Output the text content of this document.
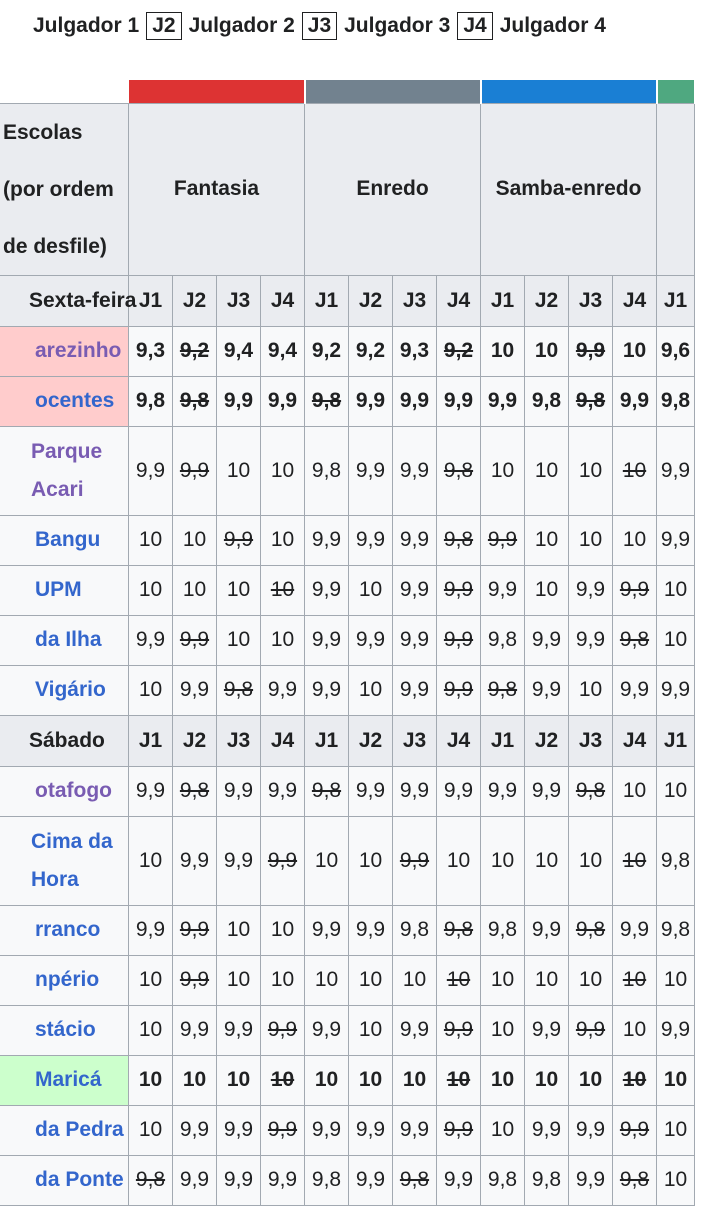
Julgador 1 J2 Julgador 2 J3 Julgador 3 J4 Julgador 4

Escolas (por ordem de desfile)	Fantasia				Enredo				Samba-enredo				
Sexta-feira	J1	J2	J3	J4	J1	J2	J3	J4	J1	J2	J3	J4	J1
arezinho	9,3	9,2	9,4	9,4	9,2	9,2	9,3	9,2	10	10	9,9	10	9,6
ocentes	9,8	9,8	9,9	9,9	9,8	9,9	9,9	9,9	9,9	9,8	9,8	9,9	9,8
Parque Acari	9,9	9,9	10	10	9,8	9,9	9,9	9,8	10	10	10	10	9,9
Bangu	10	10	9,9	10	9,9	9,9	9,9	9,8	9,9	10	10	10	9,9
UPM	10	10	10	10	9,9	10	9,9	9,9	9,9	10	9,9	9,9	10
da Ilha	9,9	9,9	10	10	9,9	9,9	9,9	9,9	9,8	9,9	9,9	9,8	10
Vigário	10	9,9	9,8	9,9	9,9	10	9,9	9,9	9,8	9,9	10	9,9	9,9
Sábado	J1	J2	J3	J4	J1	J2	J3	J4	J1	J2	J3	J4	J1
otafogo	9,9	9,8	9,9	9,9	9,8	9,9	9,9	9,9	9,9	9,9	9,8	10	10
Cima da Hora	10	9,9	9,9	9,9	10	10	9,9	10	10	10	10	10	9,8
rranco	9,9	9,9	10	10	9,9	9,9	9,8	9,8	9,8	9,9	9,8	9,9	9,8
npério	10	9,9	10	10	10	10	10	10	10	10	10	10	10
stácio	10	9,9	9,9	9,9	9,9	10	9,9	9,9	10	9,9	9,9	10	9,9
Maricá	10	10	10	10	10	10	10	10	10	10	10	10	10
da Pedra	10	9,9	9,9	9,9	9,9	9,9	9,9	9,9	10	9,9	9,9	9,9	10
da Ponte	9,8	9,9	9,9	9,9	9,8	9,9	9,8	9,9	9,8	9,8	9,9	9,8	10
